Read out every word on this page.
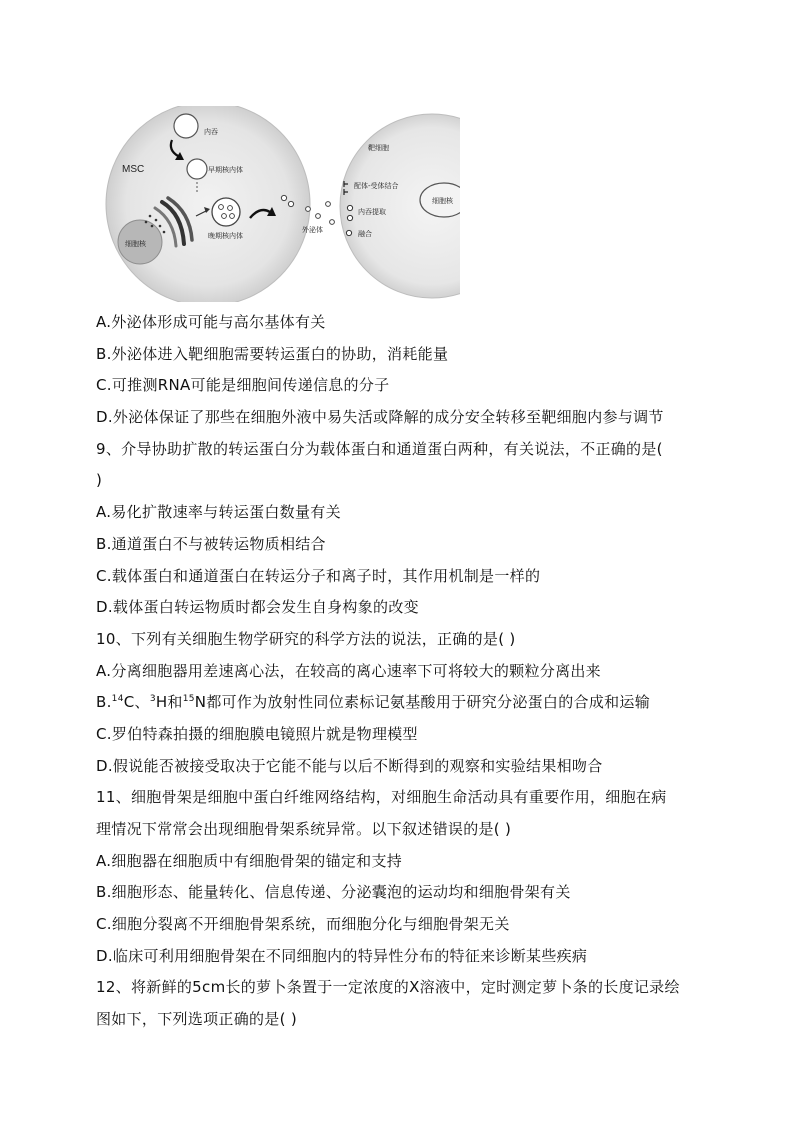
内吞
MSC	早期核内体
晚期核内体
细胞核
外泌体
靶细胞
配体-受体结合
内吞提取
融合
细胞核
A.外泌体形成可能与高尔基体有关
B.外泌体进入靶细胞需要转运蛋白的协助，消耗能量
C.可推测RNA可能是细胞间传递信息的分子
D.外泌体保证了那些在细胞外液中易失活或降解的成分安全转移至靶细胞内参与调节
9、介导协助扩散的转运蛋白分为载体蛋白和通道蛋白两种，有关说法，不正确的是(
)
A.易化扩散速率与转运蛋白数量有关
B.通道蛋白不与被转运物质相结合
C.载体蛋白和通道蛋白在转运分子和离子时，其作用机制是一样的
D.载体蛋白转运物质时都会发生自身构象的改变
10、下列有关细胞生物学研究的科学方法的说法，正确的是( )
A.分离细胞器用差速离心法，在较高的离心速率下可将较大的颗粒分离出来
B.$^{14}$C、$^3$H和$^{15}$N都可作为放射性同位素标记氨基酸用于研究分泌蛋白的合成和运输
C.罗伯特森拍摄的细胞膜电镜照片就是物理模型
D.假说能否被接受取决于它能不能与以后不断得到的观察和实验结果相吻合
11、细胞骨架是细胞中蛋白纤维网络结构，对细胞生命活动具有重要作用，细胞在病
理情况下常常会出现细胞骨架系统异常。以下叙述错误的是( )
A.细胞器在细胞质中有细胞骨架的锚定和支持
B.细胞形态、能量转化、信息传递、分泌囊泡的运动均和细胞骨架有关
C.细胞分裂离不开细胞骨架系统，而细胞分化与细胞骨架无关
D.临床可利用细胞骨架在不同细胞内的特异性分布的特征来诊断某些疾病
12、将新鲜的5cm长的萝卜条置于一定浓度的X溶液中，定时测定萝卜条的长度记录绘
图如下，下列选项正确的是( )
